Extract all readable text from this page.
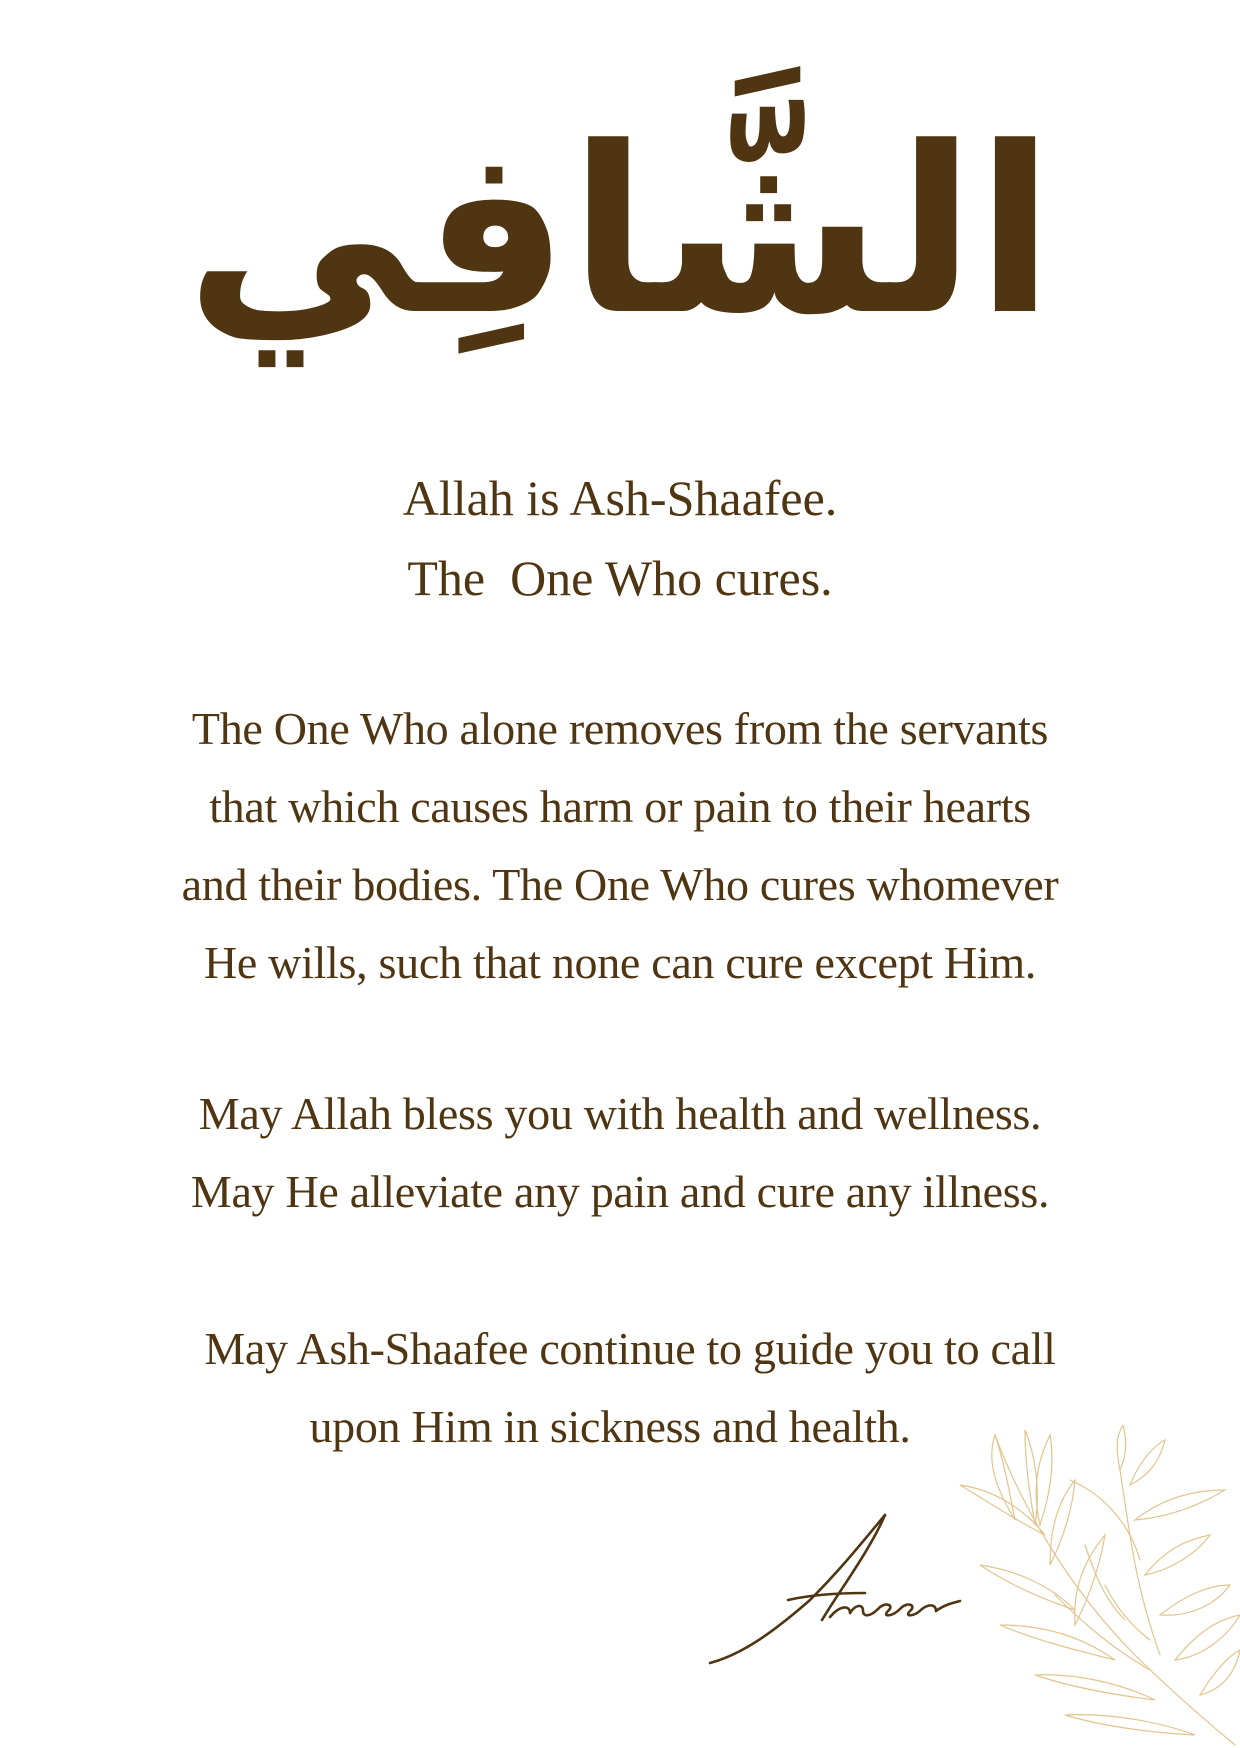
الشَّافِي
Allah is Ash-Shaafee.
The  One Who cures.
The One Who alone removes from the servants
that which causes harm or pain to their hearts
and their bodies. The One Who cures whomever
He wills, such that none can cure except Him.
May Allah bless you with health and wellness.
May He alleviate any pain and cure any illness.
May Ash-Shaafee continue to guide you to call
upon Him in sickness and health.
